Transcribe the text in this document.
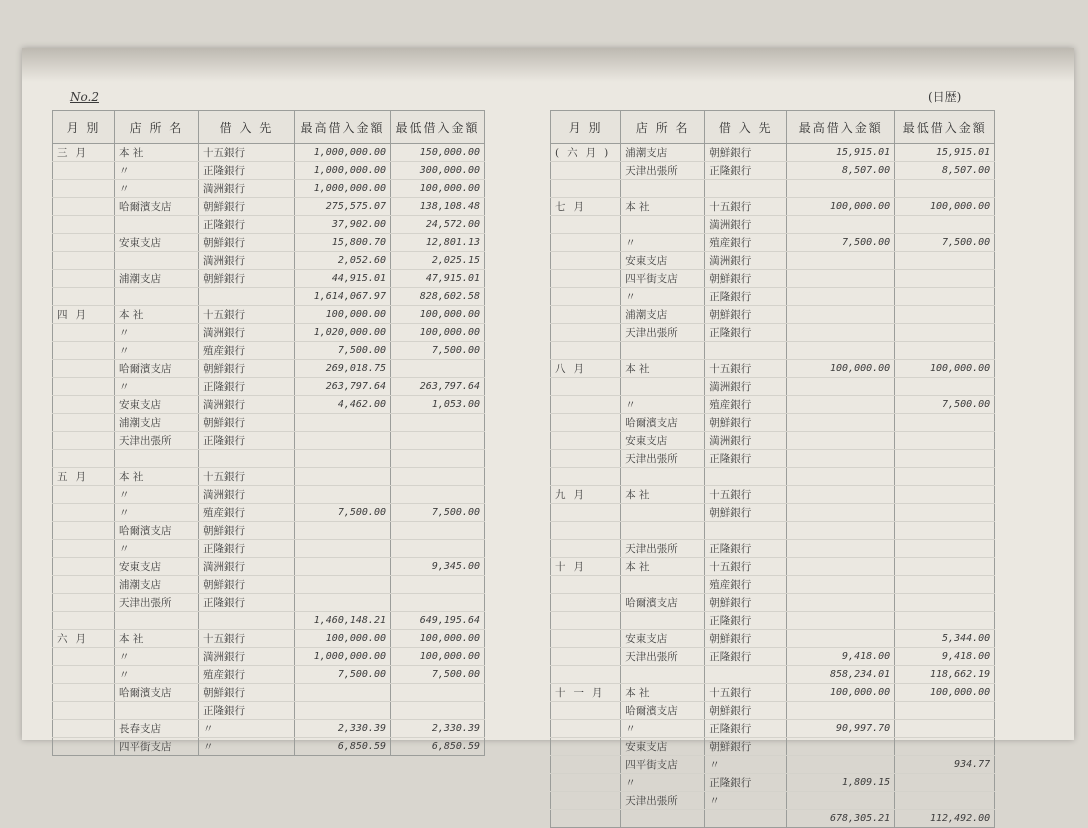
No.2	(日歴)
月 別	店 所 名	借 入 先	最高借入金額	最低借入金額
三月	本 社	十五銀行	1,000,000.00	150,000.00
	〃	正隆銀行	1,000,000.00	300,000.00
	〃	満洲銀行	1,000,000.00	100,000.00
	哈爾濱支店	朝鮮銀行	275,575.07	138,108.48
		正隆銀行	37,902.00	24,572.00
	安東支店	朝鮮銀行	15,800.70	12,801.13
		満洲銀行	2,052.60	2,025.15
	浦潮支店	朝鮮銀行	44,915.01	47,915.01
			1,614,067.97	828,602.58
四月	本 社	十五銀行	100,000.00	100,000.00
	〃	満洲銀行	1,020,000.00	100,000.00
	〃	殖産銀行	7,500.00	7,500.00
	哈爾濱支店	朝鮮銀行	269,018.75	
	〃	正隆銀行	263,797.64	263,797.64
	安東支店	満洲銀行	4,462.00	1,053.00
	浦潮支店	朝鮮銀行		
	天津出張所	正隆銀行		

五月	本 社	十五銀行		
	〃	満洲銀行		
	〃	殖産銀行	7,500.00	7,500.00
	哈爾濱支店	朝鮮銀行		
	〃	正隆銀行		
	安東支店	満洲銀行		9,345.00
	浦潮支店	朝鮮銀行		
	天津出張所	正隆銀行		
			1,460,148.21	649,195.64
六月	本 社	十五銀行	100,000.00	100,000.00
	〃	満洲銀行	1,000,000.00	100,000.00
	〃	殖産銀行	7,500.00	7,500.00
	哈爾濱支店	朝鮮銀行		
		正隆銀行		
	長春支店	〃	2,330.39	2,330.39
	四平街支店	〃	6,850.59	6,850.59
月 別	店 所 名	借 入 先	最高借入金額	最低借入金額
(六月)	浦潮支店	朝鮮銀行	15,915.01	15,915.01
	天津出張所	正隆銀行	8,507.00	8,507.00

七月	本 社	十五銀行	100,000.00	100,000.00
		満洲銀行		
	〃	殖産銀行	7,500.00	7,500.00
	安東支店	満洲銀行		
	四平街支店	朝鮮銀行		
	〃	正隆銀行		
	浦潮支店	朝鮮銀行		
	天津出張所	正隆銀行		

八月	本 社	十五銀行	100,000.00	100,000.00
		満洲銀行		
	〃	殖産銀行		7,500.00
	哈爾濱支店	朝鮮銀行		
	安東支店	満洲銀行		
	天津出張所	正隆銀行		

九月	本 社	十五銀行		
		朝鮮銀行		

	天津出張所	正隆銀行		
十月	本 社	十五銀行		
		殖産銀行		
	哈爾濱支店	朝鮮銀行		
		正隆銀行		
	安東支店	朝鮮銀行		5,344.00
	天津出張所	正隆銀行	9,418.00	9,418.00
			858,234.01	118,662.19
十一月	本 社	十五銀行	100,000.00	100,000.00
	哈爾濱支店	朝鮮銀行		
	〃	正隆銀行	90,997.70	
	安東支店	朝鮮銀行		
	四平街支店	〃		934.77
	〃	正隆銀行	1,809.15	
	天津出張所	〃		
			678,305.21	112,492.00
